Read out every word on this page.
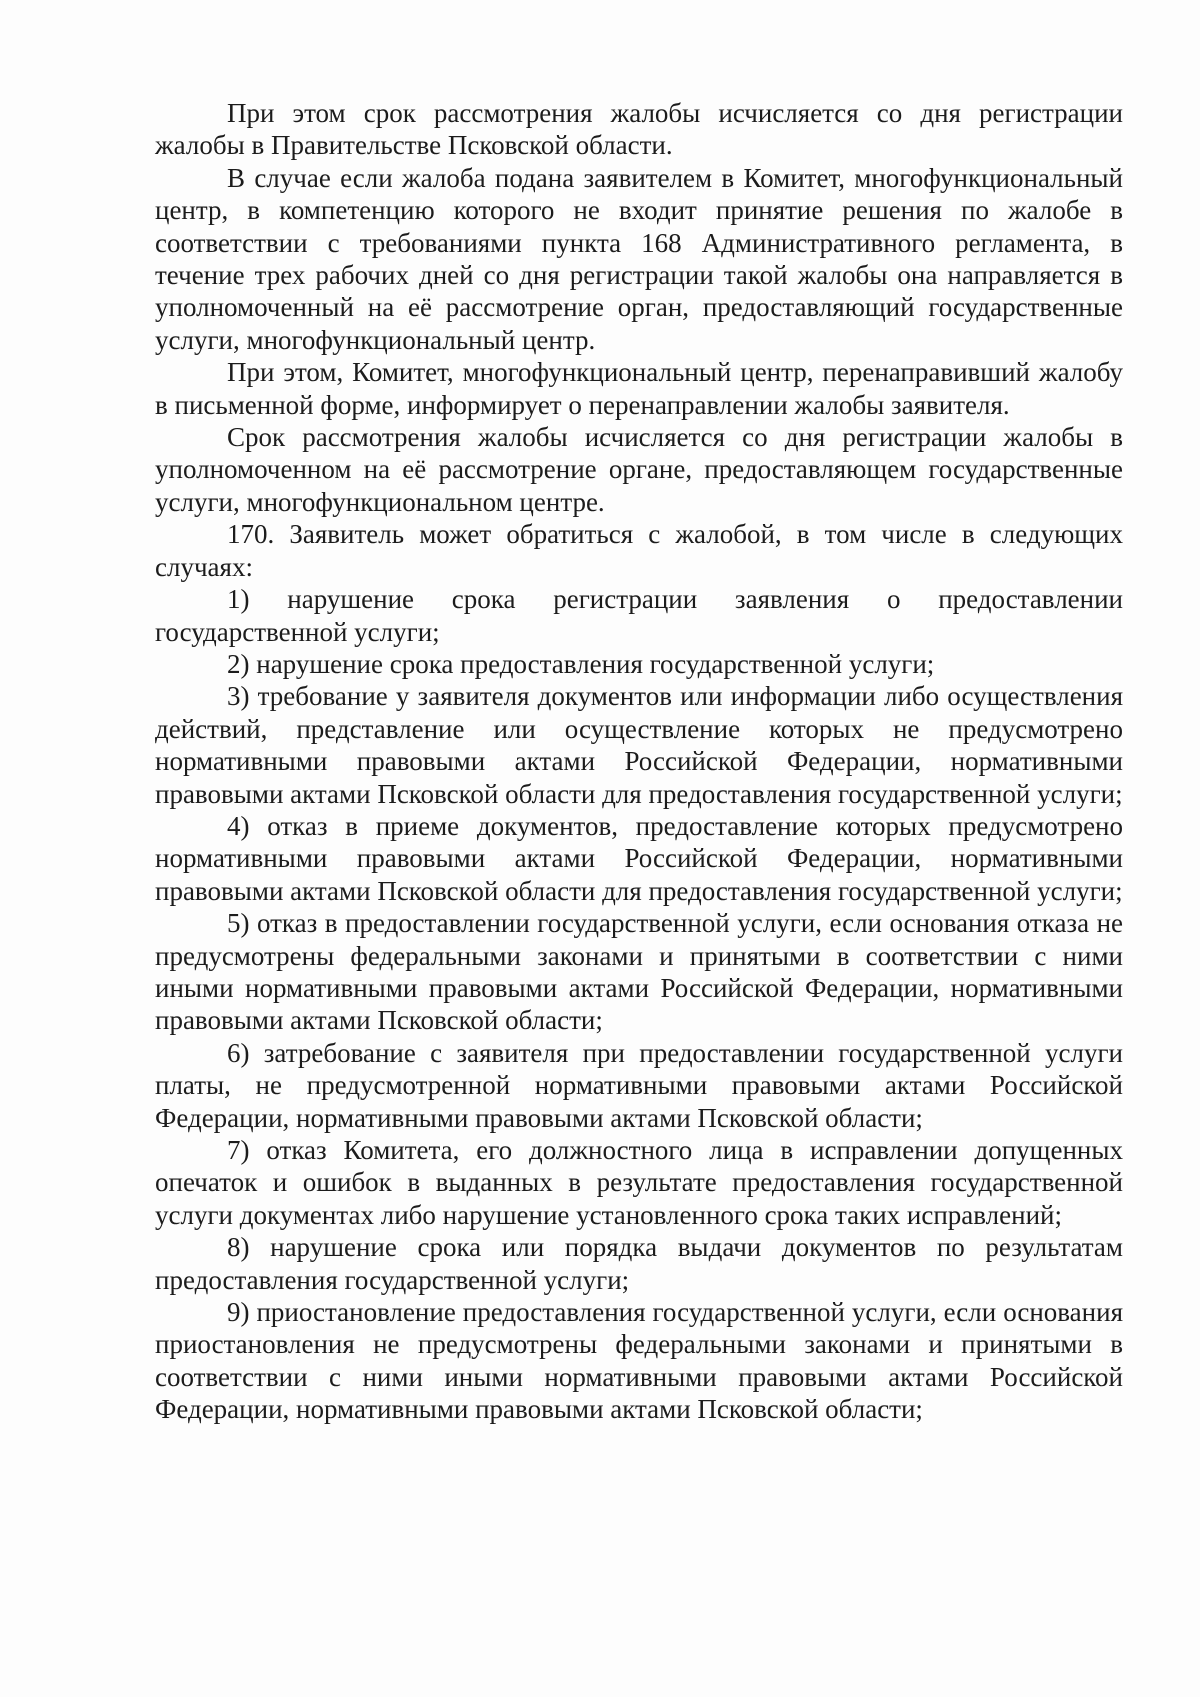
При этом срок рассмотрения жалобы исчисляется со дня регистрации жалобы в Правительстве Псковской области.

В случае если жалоба подана заявителем в Комитет, многофункциональный центр, в компетенцию которого не входит принятие решения по жалобе в соответствии с требованиями пункта 168 Административного регламента, в течение трех рабочих дней со дня регистрации такой жалобы она направляется в уполномоченный на её рассмотрение орган, предоставляющий государственные услуги, многофункциональный центр.

При этом, Комитет, многофункциональный центр, перенаправивший жалобу в письменной форме, информирует о перенаправлении жалобы заявителя.

Срок рассмотрения жалобы исчисляется со дня регистрации жалобы в уполномоченном на её рассмотрение органе, предоставляющем государственные услуги, многофункциональном центре.

170. Заявитель может обратиться с жалобой, в том числе в следующих случаях:

1) нарушение срока регистрации заявления о предоставлении государственной услуги;

2) нарушение срока предоставления государственной услуги;

3) требование у заявителя документов или информации либо осуществления действий, представление или осуществление которых не предусмотрено нормативными правовыми актами Российской Федерации, нормативными правовыми актами Псковской области для предоставления государственной услуги;

4) отказ в приеме документов, предоставление которых предусмотрено нормативными правовыми актами Российской Федерации, нормативными правовыми актами Псковской области для предоставления государственной услуги;

5) отказ в предоставлении государственной услуги, если основания отказа не предусмотрены федеральными законами и принятыми в соответствии с ними иными нормативными правовыми актами Российской Федерации, нормативными правовыми актами Псковской области;

6) затребование с заявителя при предоставлении государственной услуги платы, не предусмотренной нормативными правовыми актами Российской Федерации, нормативными правовыми актами Псковской области;

7) отказ Комитета, его должностного лица в исправлении допущенных опечаток и ошибок в выданных в результате предоставления государственной услуги документах либо нарушение установленного срока таких исправлений;

8) нарушение срока или порядка выдачи документов по результатам предоставления государственной услуги;

9) приостановление предоставления государственной услуги, если основания приостановления не предусмотрены федеральными законами и принятыми в соответствии с ними иными нормативными правовыми актами Российской Федерации, нормативными правовыми актами Псковской области;
